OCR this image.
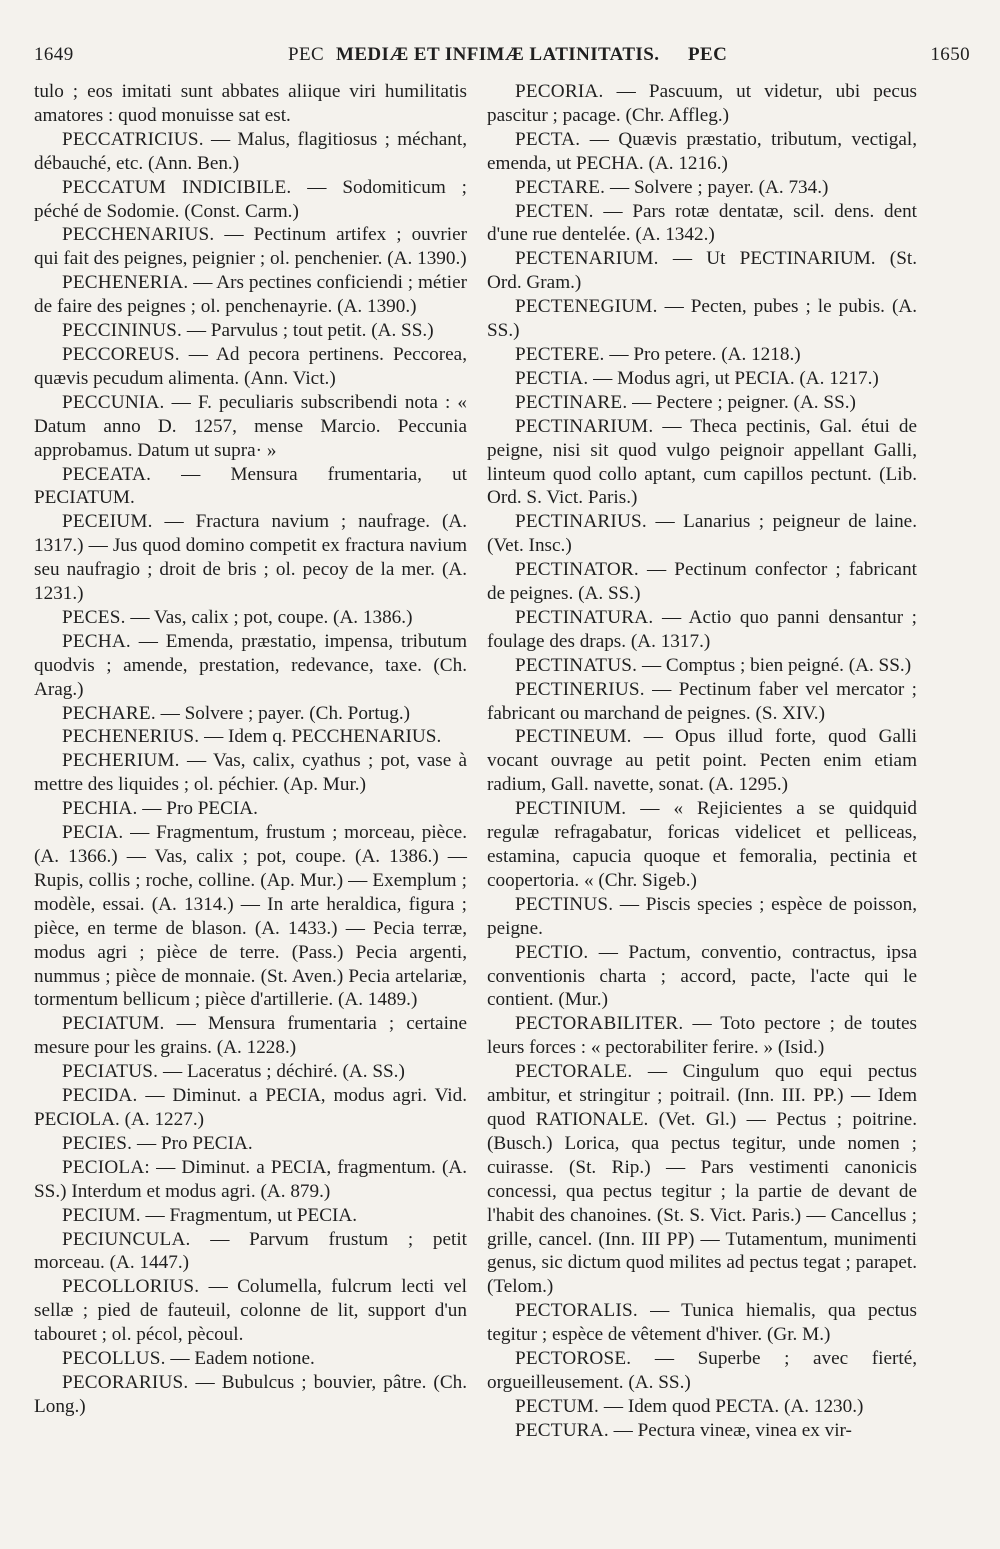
1649	PEC MEDIÆ ET INFIMÆ LATINITATIS. PEC	1650

tulo ; eos imitati sunt abbates aliique viri humilitatis amatores : quod monuisse sat est.

PECCATRICIUS. — Malus, flagitiosus ; méchant, débauché, etc. (Ann. Ben.)

PECCATUM INDICIBILE. — Sodomiticum ; péché de Sodomie. (Const. Carm.)

PECCHENARIUS. — Pectinum artifex ; ouvrier qui fait des peignes, peignier ; ol. penchenier. (A. 1390.)

PECHENERIA. — Ars pectines conficiendi ; métier de faire des peignes ; ol. penchenayrie. (A. 1390.)

PECCININUS. — Parvulus ; tout petit. (A. SS.)

PECCOREUS. — Ad pecora pertinens. Peccorea, quævis pecudum alimenta. (Ann. Vict.)

PECCUNIA. — F. peculiaris subscribendi nota : « Datum anno D. 1257, mense Marcio. Peccunia approbamus. Datum ut supra· »

PECEATA. — Mensura frumentaria, ut PECIATUM.

PECEIUM. — Fractura navium ; naufrage. (A. 1317.) — Jus quod domino competit ex fractura navium seu naufragio ; droit de bris ; ol. pecoy de la mer. (A. 1231.)

PECES. — Vas, calix ; pot, coupe. (A. 1386.)

PECHA. — Emenda, præstatio, impensa, tributum quodvis ; amende, prestation, redevance, taxe. (Ch. Arag.)

PECHARE. — Solvere ; payer. (Ch. Portug.)

PECHENERIUS. — Idem q. PECCHENARIUS.

PECHERIUM. — Vas, calix, cyathus ; pot, vase à mettre des liquides ; ol. péchier. (Ap. Mur.)

PECHIA. — Pro PECIA.

PECIA. — Fragmentum, frustum ; morceau, pièce. (A. 1366.) — Vas, calix ; pot, coupe. (A. 1386.) — Rupis, collis ; roche, colline. (Ap. Mur.) — Exemplum ; modèle, essai. (A. 1314.) — In arte heraldica, figura ; pièce, en terme de blason. (A. 1433.) — Pecia terræ, modus agri ; pièce de terre. (Pass.) Pecia argenti, nummus ; pièce de monnaie. (St. Aven.) Pecia artelariæ, tormentum bellicum ; pièce d'artillerie. (A. 1489.)

PECIATUM. — Mensura frumentaria ; certaine mesure pour les grains. (A. 1228.)

PECIATUS. — Laceratus ; déchiré. (A. SS.)

PECIDA. — Diminut. a PECIA, modus agri. Vid. PECIOLA. (A. 1227.)

PECIES. — Pro PECIA.

PECIOLA: — Diminut. a PECIA, fragmentum. (A. SS.) Interdum et modus agri. (A. 879.)

PECIUM. — Fragmentum, ut PECIA.

PECIUNCULA. — Parvum frustum ; petit morceau. (A. 1447.)

PECOLLORIUS. — Columella, fulcrum lecti vel sellæ ; pied de fauteuil, colonne de lit, support d'un tabouret ; ol. pécol, pècoul.

PECOLLUS. — Eadem notione.

PECORARIUS. — Bubulcus ; bouvier, pâtre. (Ch. Long.)

PECORIA. — Pascuum, ut videtur, ubi pecus pascitur ; pacage. (Chr. Affleg.)

PECTA. — Quævis præstatio, tributum, vectigal, emenda, ut PECHA. (A. 1216.)

PECTARE. — Solvere ; payer. (A. 734.)

PECTEN. — Pars rotæ dentatæ, scil. dens. dent d'une rue dentelée. (A. 1342.)

PECTENARIUM. — Ut PECTINARIUM. (St. Ord. Gram.)

PECTENEGIUM. — Pecten, pubes ; le pubis. (A. SS.)

PECTERE. — Pro petere. (A. 1218.)

PECTIA. — Modus agri, ut PECIA. (A. 1217.)

PECTINARE. — Pectere ; peigner. (A. SS.)

PECTINARIUM. — Theca pectinis, Gal. étui de peigne, nisi sit quod vulgo peignoir appellant Galli, linteum quod collo aptant, cum capillos pectunt. (Lib. Ord. S. Vict. Paris.)

PECTINARIUS. — Lanarius ; peigneur de laine. (Vet. Insc.)

PECTINATOR. — Pectinum confector ; fabricant de peignes. (A. SS.)

PECTINATURA. — Actio quo panni densantur ; foulage des draps. (A. 1317.)

PECTINATUS. — Comptus ; bien peigné. (A. SS.)

PECTINERIUS. — Pectinum faber vel mercator ; fabricant ou marchand de peignes. (S. XIV.)

PECTINEUM. — Opus illud forte, quod Galli vocant ouvrage au petit point. Pecten enim etiam radium, Gall. navette, sonat. (A. 1295.)

PECTINIUM. — « Rejicientes a se quidquid regulæ refragabatur, foricas videlicet et pelliceas, estamina, capucia quoque et femoralia, pectinia et coopertoria. « (Chr. Sigeb.)

PECTINUS. — Piscis species ; espèce de poisson, peigne.

PECTIO. — Pactum, conventio, contractus, ipsa conventionis charta ; accord, pacte, l'acte qui le contient. (Mur.)

PECTORABILITER. — Toto pectore ; de toutes leurs forces : « pectorabiliter ferire. » (Isid.)

PECTORALE. — Cingulum quo equi pectus ambitur, et stringitur ; poitrail. (Inn. III. PP.) — Idem quod RATIONALE. (Vet. Gl.) — Pectus ; poitrine. (Busch.) Lorica, qua pectus tegitur, unde nomen ; cuirasse. (St. Rip.) — Pars vestimenti canonicis concessi, qua pectus tegitur ; la partie de devant de l'habit des chanoines. (St. S. Vict. Paris.) — Cancellus ; grille, cancel. (Inn. III PP) — Tutamentum, munimenti genus, sic dictum quod milites ad pectus tegat ; parapet. (Telom.)

PECTORALIS. — Tunica hiemalis, qua pectus tegitur ; espèce de vêtement d'hiver. (Gr. M.)

PECTOROSE. — Superbe ; avec fierté, orgueilleusement. (A. SS.)

PECTUM. — Idem quod PECTA. (A. 1230.)

PECTURA. — Pectura vineæ, vinea ex vir-
